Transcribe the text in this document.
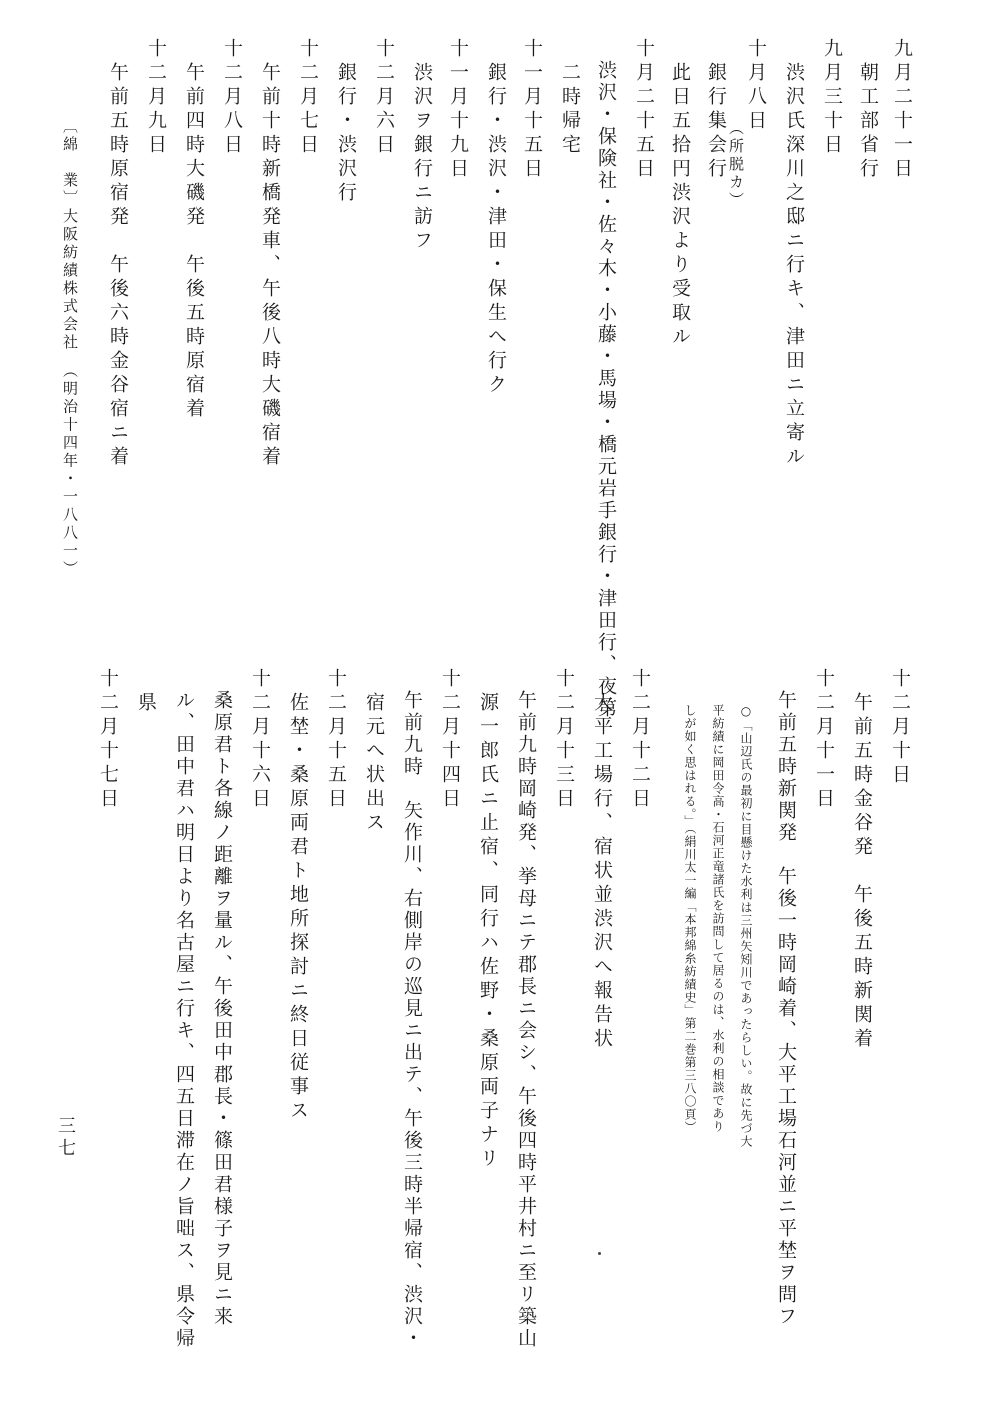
九月二十一日
　朝工部省行
九月三十日
　渋沢氏深川之邸ニ行キ、津田ニ立寄ル
十月八日
（所脱カ）
　銀行集会行
　此日五拾円渋沢より受取ル
十月二十五日
　渋沢・保険社・佐々木・小藤・馬場・橋元岩手銀行・津田行、夜第
　二時帰宅
十一月十五日
　銀行・渋沢・津田・保生へ行ク
十一月十九日
　渋沢ヲ銀行ニ訪フ
十二月六日
　銀行・渋沢行
十二月七日
　午前十時新橋発車、午後八時大磯宿着
十二月八日
　午前四時大磯発　午後五時原宿着
十二月九日
　午前五時原宿発　午後六時金谷宿ニ着
〔綿　業〕
大阪紡績株式会社　（明治十四年・一八八一）
十二月十日
　午前五時金谷発　午後五時新関着
十二月十一日
　午前五時新関発　午後一時岡崎着、大平工場石河並ニ平埜ヲ問フ
○「山辺氏の最初に目懸けた水利は三州矢矧川であったらしい。故に先づ大
平紡績に岡田令高・石河正竜諸氏を訪問して居るのは、水利の相談であり
しが如く思はれる。」（絹川太一編「本邦綿糸紡績史」第二巻第三八〇頁）
十二月十二日
　大平工場行、宿状並渋沢へ報告状
十二月十三日
　午前九時岡崎発、挙母ニテ郡長ニ会シ、午後四時平井村ニ至リ築山
　源一郎氏ニ止宿、同行ハ佐野・桑原両子ナリ
十二月十四日
　午前九時　矢作川、右側岸の巡見ニ出テ、午後三時半帰宿、渋沢・
　宿元へ状出ス
十二月十五日
　佐埜・桑原両君ト地所探討ニ終日従事ス
十二月十六日
　桑原君ト各線ノ距離ヲ量ル、午後田中郡長・篠田君様子ヲ見ニ来
　ル、田中君ハ明日より名古屋ニ行キ、四五日滞在ノ旨咄ス、県令帰
　県
十二月十七日
三七
